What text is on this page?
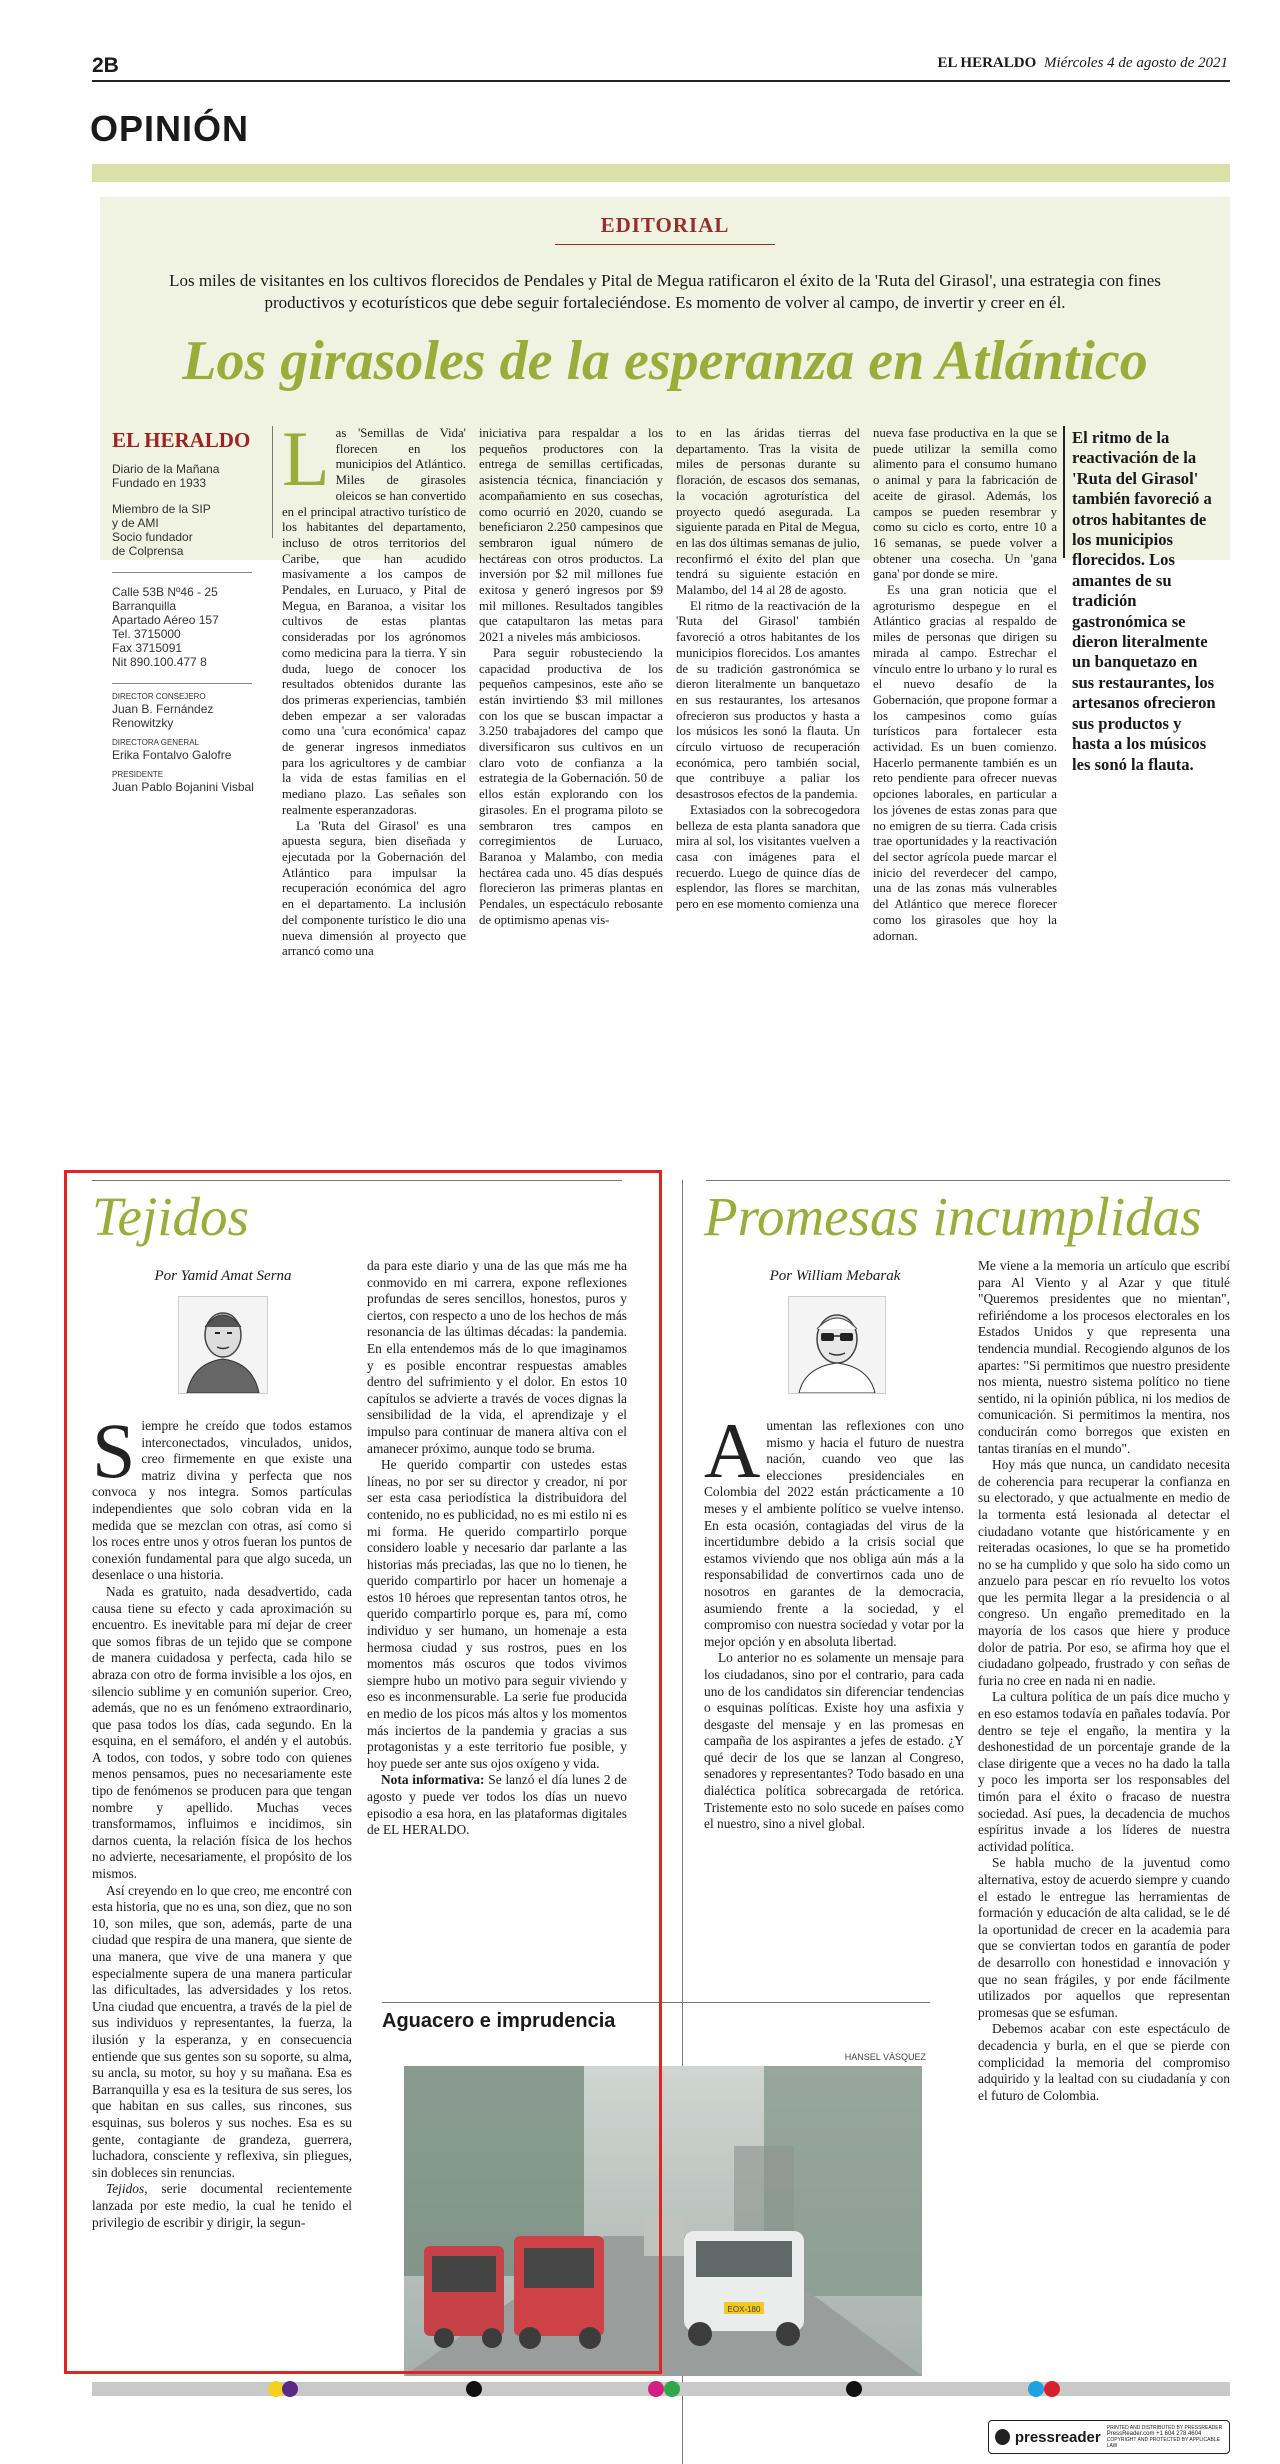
2B	EL HERALDO Miércoles 4 de agosto de 2021
OPINIÓN
EDITORIAL
Los miles de visitantes en los cultivos florecidos de Pendales y Pital de Megua ratificaron el éxito de la 'Ruta del Girasol', una estrategia con fines productivos y ecoturísticos que debe seguir fortaleciéndose. Es momento de volver al campo, de invertir y creer en él.
Los girasoles de la esperanza en Atlántico
EL HERALDO
Diario de la Mañana
Fundado en 1933
Miembro de la SIP
y de AMI
Socio fundador
de Colprensa
Calle 53B Nº46 - 25
Barranquilla
Apartado Aéreo 157
Tel. 3715000
Fax 3715091
Nit 890.100.477 8
DIRECTOR CONSEJERO
Juan B. Fernández Renowitzky
DIRECTORA GENERAL
Erika Fontalvo Galofre
PRESIDENTE
Juan Pablo Bojanini Visbal
Las 'Semillas de Vida' florecen en los municipios del Atlántico. Miles de girasoles oleicos se han convertido en el principal atractivo turístico de los habitantes del departamento, incluso de otros territorios del Caribe, que han acudido masivamente a los campos de Pendales, en Luruaco, y Pital de Megua, en Baranoa, a visitar los cultivos de estas plantas consideradas por los agrónomos como medicina para la tierra. Y sin duda, luego de conocer los resultados obtenidos durante las dos primeras experiencias, también deben empezar a ser valoradas como una 'cura económica' capaz de generar ingresos inmediatos para los agricultores y de cambiar la vida de estas familias en el mediano plazo. Las señales son realmente esperanzadoras.

La 'Ruta del Girasol' es una apuesta segura, bien diseñada y ejecutada por la Gobernación del Atlántico para impulsar la recuperación económica del agro en el departamento. La inclusión del componente turístico le dio una nueva dimensión al proyecto que arrancó como una

iniciativa para respaldar a los pequeños productores con la entrega de semillas certificadas, asistencia técnica, financiación y acompañamiento en sus cosechas, como ocurrió en 2020, cuando se beneficiaron 2.250 campesinos que sembraron igual número de hectáreas con otros productos. La inversión por $2 mil millones fue exitosa y generó ingresos por $9 mil millones. Resultados tangibles que catapultaron las metas para 2021 a niveles más ambiciosos.

Para seguir robusteciendo la capacidad productiva de los pequeños campesinos, este año se están invirtiendo $3 mil millones con los que se buscan impactar a 3.250 trabajadores del campo que diversificaron sus cultivos en un claro voto de confianza a la estrategia de la Gobernación. 50 de ellos están explorando con los girasoles. En el programa piloto se sembraron tres campos en corregimientos de Luruaco, Baranoa y Malambo, con media hectárea cada uno. 45 días después florecieron las primeras plantas en Pendales, un espectáculo rebosante de optimismo apenas vis-

to en las áridas tierras del departamento. Tras la visita de miles de personas durante su floración, de escasos dos semanas, la vocación agroturística del proyecto quedó asegurada. La siguiente parada en Pital de Megua, en las dos últimas semanas de julio, reconfirmó el éxito del plan que tendrá su siguiente estación en Malambo, del 14 al 28 de agosto.

El ritmo de la reactivación de la 'Ruta del Girasol' también favoreció a otros habitantes de los municipios florecidos. Los amantes de su tradición gastronómica se dieron literalmente un banquetazo en sus restaurantes, los artesanos ofrecieron sus productos y hasta a los músicos les sonó la flauta. Un círculo virtuoso de recuperación económica, pero también social, que contribuye a paliar los desastrosos efectos de la pandemia.

Extasiados con la sobrecogedora belleza de esta planta sanadora que mira al sol, los visitantes vuelven a casa con imágenes para el recuerdo. Luego de quince días de esplendor, las flores se marchitan, pero en ese momento comienza una

nueva fase productiva en la que se puede utilizar la semilla como alimento para el consumo humano o animal y para la fabricación de aceite de girasol. Además, los campos se pueden resembrar y como su ciclo es corto, entre 10 a 16 semanas, se puede volver a obtener una cosecha. Un 'gana gana' por donde se mire.

Es una gran noticia que el agroturismo despegue en el Atlántico gracias al respaldo de miles de personas que dirigen su mirada al campo. Estrechar el vínculo entre lo urbano y lo rural es el nuevo desafío de la Gobernación, que propone formar a los campesinos como guías turísticos para fortalecer esta actividad. Es un buen comienzo. Hacerlo permanente también es un reto pendiente para ofrecer nuevas opciones laborales, en particular a los jóvenes de estas zonas para que no emigren de su tierra. Cada crisis trae oportunidades y la reactivación del sector agrícola puede marcar el inicio del reverdecer del campo, una de las zonas más vulnerables del Atlántico que merece florecer como los girasoles que hoy la adornan.

El ritmo de la reactivación de la 'Ruta del Girasol' también favoreció a otros habitantes de los municipios florecidos. Los amantes de su tradición gastronómica se dieron literalmente un banquetazo en sus restaurantes, los artesanos ofrecieron sus productos y hasta a los músicos les sonó la flauta.
Tejidos
Por Yamid Amat Serna
Siempre he creído que todos estamos interconectados, vinculados, unidos, creo firmemente en que existe una matriz divina y perfecta que nos convoca y nos integra. Somos partículas independientes que solo cobran vida en la medida que se mezclan con otras, así como si los roces entre unos y otros fueran los puntos de conexión fundamental para que algo suceda, un desenlace o una historia.

Nada es gratuito, nada desadvertido, cada causa tiene su efecto y cada aproximación su encuentro. Es inevitable para mí dejar de creer que somos fibras de un tejido que se compone de manera cuidadosa y perfecta, cada hilo se abraza con otro de forma invisible a los ojos, en silencio sublime y en comunión superior. Creo, además, que no es un fenómeno extraordinario, que pasa todos los días, cada segundo. En la esquina, en el semáforo, el andén y el autobús. A todos, con todos, y sobre todo con quienes menos pensamos, pues no necesariamente este tipo de fenómenos se producen para que tengan nombre y apellido. Muchas veces transformamos, influimos e incidimos, sin darnos cuenta, la relación física de los hechos no advierte, necesariamente, el propósito de los mismos.

Así creyendo en lo que creo, me encontré con esta historia, que no es una, son diez, que no son 10, son miles, que son, además, parte de una ciudad que respira de una manera, que siente de una manera, que vive de una manera y que especialmente supera de una manera particular las dificultades, las adversidades y los retos. Una ciudad que encuentra, a través de la piel de sus individuos y representantes, la fuerza, la ilusión y la esperanza, y en consecuencia entiende que sus gentes son su soporte, su alma, su ancla, su motor, su hoy y su mañana. Esa es Barranquilla y esa es la tesitura de sus seres, los que habitan en sus calles, sus rincones, sus esquinas, sus boleros y sus noches. Esa es su gente, contagiante de grandeza, guerrera, luchadora, consciente y reflexiva, sin pliegues, sin dobleces sin renuncias.

Tejidos, serie documental recientemente lanzada por este medio, la cual he tenido el privilegio de escribir y dirigir, la segun-

da para este diario y una de las que más me ha conmovido en mi carrera, expone reflexiones profundas de seres sencillos, honestos, puros y ciertos, con respecto a uno de los hechos de más resonancia de las últimas décadas: la pandemia. En ella entendemos más de lo que imaginamos y es posible encontrar respuestas amables dentro del sufrimiento y el dolor. En estos 10 capítulos se advierte a través de voces dignas la sensibilidad de la vida, el aprendizaje y el impulso para continuar de manera altiva con el amanecer próximo, aunque todo se bruma.

He querido compartir con ustedes estas líneas, no por ser su director y creador, ni por ser esta casa periodística la distribuidora del contenido, no es publicidad, no es mi estilo ni es mi forma. He querido compartirlo porque considero loable y necesario dar parlante a las historias más preciadas, las que no lo tienen, he querido compartirlo por hacer un homenaje a estos 10 héroes que representan tantos otros, he querido compartirlo porque es, para mí, como individuo y ser humano, un homenaje a esta hermosa ciudad y sus rostros, pues en los momentos más oscuros que todos vivimos siempre hubo un motivo para seguir viviendo y eso es inconmensurable. La serie fue producida en medio de los picos más altos y los momentos más inciertos de la pandemia y gracias a sus protagonistas y a este territorio fue posible, y hoy puede ser ante sus ojos oxígeno y vida.

Nota informativa: Se lanzó el día lunes 2 de agosto y puede ver todos los días un nuevo episodio a esa hora, en las plataformas digitales de EL HERALDO.

Aguacero e imprudencia
HANSEL VÁSQUEZ
EOX-180
Promesas incumplidas
Por William Mebarak
Aumentan las reflexiones con uno mismo y hacia el futuro de nuestra nación, cuando veo que las elecciones presidenciales en Colombia del 2022 están prácticamente a 10 meses y el ambiente político se vuelve intenso. En esta ocasión, contagiadas del virus de la incertidumbre debido a la crisis social que estamos viviendo que nos obliga aún más a la responsabilidad de convertirnos cada uno de nosotros en garantes de la democracia, asumiendo frente a la sociedad, y el compromiso con nuestra sociedad y votar por la mejor opción y en absoluta libertad.

Lo anterior no es solamente un mensaje para los ciudadanos, sino por el contrario, para cada uno de los candidatos sin diferenciar tendencias o esquinas políticas. Existe hoy una asfixia y desgaste del mensaje y en las promesas en campaña de los aspirantes a jefes de estado. ¿Y qué decir de los que se lanzan al Congreso, senadores y representantes? Todo basado en una dialéctica política sobrecargada de retórica. Tristemente esto no solo sucede en países como el nuestro, sino a nivel global.

Me viene a la memoria un artículo que escribí para Al Viento y al Azar y que titulé "Queremos presidentes que no mientan", refiriéndome a los procesos electorales en los Estados Unidos y que representa una tendencia mundial. Recogiendo algunos de los apartes: "Si permitimos que nuestro presidente nos mienta, nuestro sistema político no tiene sentido, ni la opinión pública, ni los medios de comunicación. Si permitimos la mentira, nos conducirán como borregos que existen en tantas tiranías en el mundo".

Hoy más que nunca, un candidato necesita de coherencia para recuperar la confianza en su electorado, y que actualmente en medio de la tormenta está lesionada al detectar el ciudadano votante que históricamente y en reiteradas ocasiones, lo que se ha prometido no se ha cumplido y que solo ha sido como un anzuelo para pescar en río revuelto los votos que les permita llegar a la presidencia o al congreso. Un engaño premeditado en la mayoría de los casos que hiere y produce dolor de patria. Por eso, se afirma hoy que el ciudadano golpeado, frustrado y con señas de furia no cree en nada ni en nadie.

La cultura política de un país dice mucho y en eso estamos todavía en pañales todavía. Por dentro se teje el engaño, la mentira y la deshonestidad de un porcentaje grande de la clase dirigente que a veces no ha dado la talla y poco les importa ser los responsables del timón para el éxito o fracaso de nuestra sociedad. Así pues, la decadencia de muchos espíritus invade a los líderes de nuestra actividad política.

Se habla mucho de la juventud como alternativa, estoy de acuerdo siempre y cuando el estado le entregue las herramientas de formación y educación de alta calidad, se le dé la oportunidad de crecer en la academia para que se conviertan todos en garantía de poder de desarrollo con honestidad e innovación y que no sean frágiles, y por ende fácilmente utilizados por aquellos que representan promesas que se esfuman.

Debemos acabar con este espectáculo de decadencia y burla, en el que se pierde con complicidad la memoria del compromiso adquirido y la lealtad con su ciudadanía y con el futuro de Colombia.

pressreader
PRINTED AND DISTRIBUTED BY PRESSREADER
PressReader.com +1 604 278 4604
COPYRIGHT AND PROTECTED BY APPLICABLE LAW
